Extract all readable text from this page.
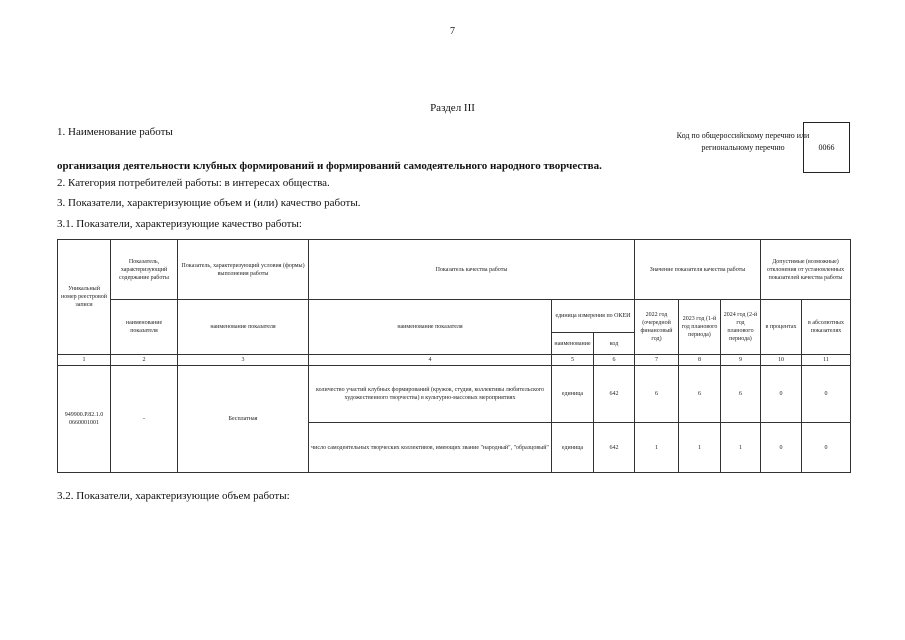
7
Раздел III
1. Наименование работы	Код по общероссийскому перечню или региональному перечню	0066
организация деятельности клубных формирований и формирований самодеятельного народного творчества.
2. Категория потребителей работы: в интересах общества.
3. Показатели, характеризующие объем и (или) качество работы.
3.1. Показатели, характеризующие качество работы:
Уникальный номер реестровой записи	Показатель, характеризующий содержание работы	Показатель, характеризующий условия (формы) выполнения работы	Показатель качества работы			Значение показателя качества работы			Допустимые (возможные) отклонения от установленных показателей качества работы	
	наименование показателя	наименование показателя	наименование показателя	единица измерения по ОКЕИ		2022 год (очередной финансовый год)	2023 год (1-й год планового периода)	2024 год (2-й год планового периода)	в процентах	в абсолютных показателях
				наименование	код					
1	2	3	4	5	6	7	8	9	10	11
949900.Р.82.1.0 0660001001	-	Бесплатная	количество участий клубных формирований (кружок, студия, коллективы любительского художественного творчества) в культурно-массовых мероприятиях	единица	642	6	6	6	0	0
			число самодеятельных творческих коллективов, имеющих звание "народный", "образцовый"	единица	642	1	1	1	0	0
3.2. Показатели, характеризующие объем работы:
